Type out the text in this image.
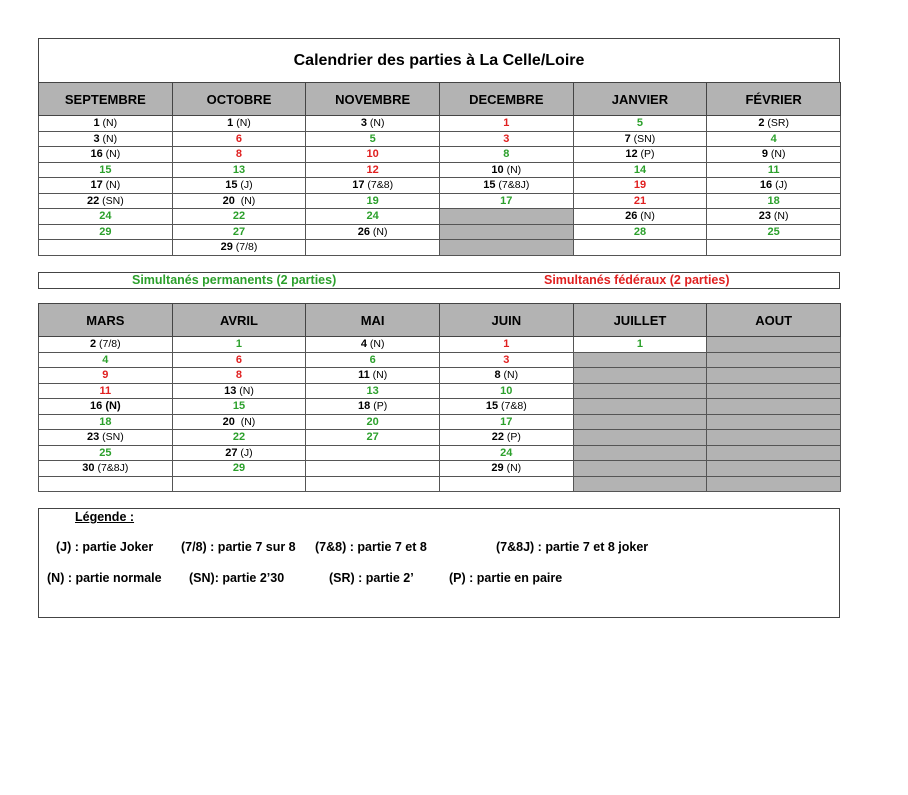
Calendrier des parties à La Celle/Loire
SEPTEMBRE	OCTOBRE	NOVEMBRE	DECEMBRE	JANVIER	FÉVRIER
1 (N)	1 (N)	3 (N)	1	5	2 (SR)
3 (N)	6	5	3	7 (SN)	4
16 (N)	8	10	8	12 (P)	9 (N)
15	13	12	10 (N)	14	11
17 (N)	15 (J)	17 (7&8)	15 (7&8J)	19	16 (J)
22 (SN)	20  (N)	19	17	21	18
24	22	24		26 (N)	23 (N)
29	27	26 (N)		28	25
	29 (7/8)				
Simultanés permanents (2 parties)	Simultanés fédéraux (2 parties)
MARS	AVRIL	MAI	JUIN	JUILLET	AOUT
2 (7/8)	1	4 (N)	1	1	
4	6	6	3		
9	8	11 (N)	8 (N)		
11	13 (N)	13	10		
16 (N)	15	18 (P)	15 (7&8)		
18	20  (N)	20	17		
23 (SN)	22	27	22 (P)		
25	27 (J)		24		
30 (7&8J)	29		29 (N)		

Légende :
(J) : partie Joker (7/8) : partie 7 sur 8 (7&8) : partie 7 et 8	(7&8J) : partie 7 et 8 joker
(N) : partie normale (SN): partie 2’30	(SR) : partie 2’	(P) : partie en paire
